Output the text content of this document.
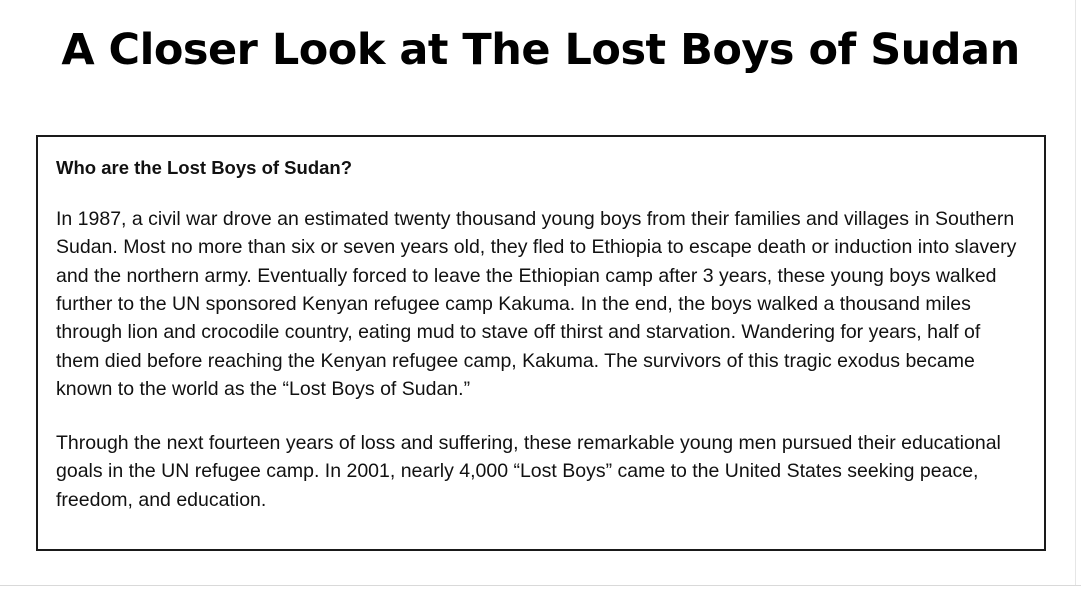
A Closer Look at The Lost Boys of Sudan
Who are the Lost Boys of Sudan?

In 1987, a civil war drove an estimated twenty thousand young boys from their families and villages in Southern Sudan. Most no more than six or seven years old, they fled to Ethiopia to escape death or induction into slavery and the northern army. Eventually forced to leave the Ethiopian camp after 3 years, these young boys walked further to the UN sponsored Kenyan refugee camp Kakuma. In the end, the boys walked a thousand miles through lion and crocodile country, eating mud to stave off thirst and starvation. Wandering for years, half of them died before reaching the Kenyan refugee camp, Kakuma. The survivors of this tragic exodus became known to the world as the “Lost Boys of Sudan.”

Through the next fourteen years of loss and suffering, these remarkable young men pursued their educational goals in the UN refugee camp. In 2001, nearly 4,000 “Lost Boys” came to the United States seeking peace, freedom, and education.
